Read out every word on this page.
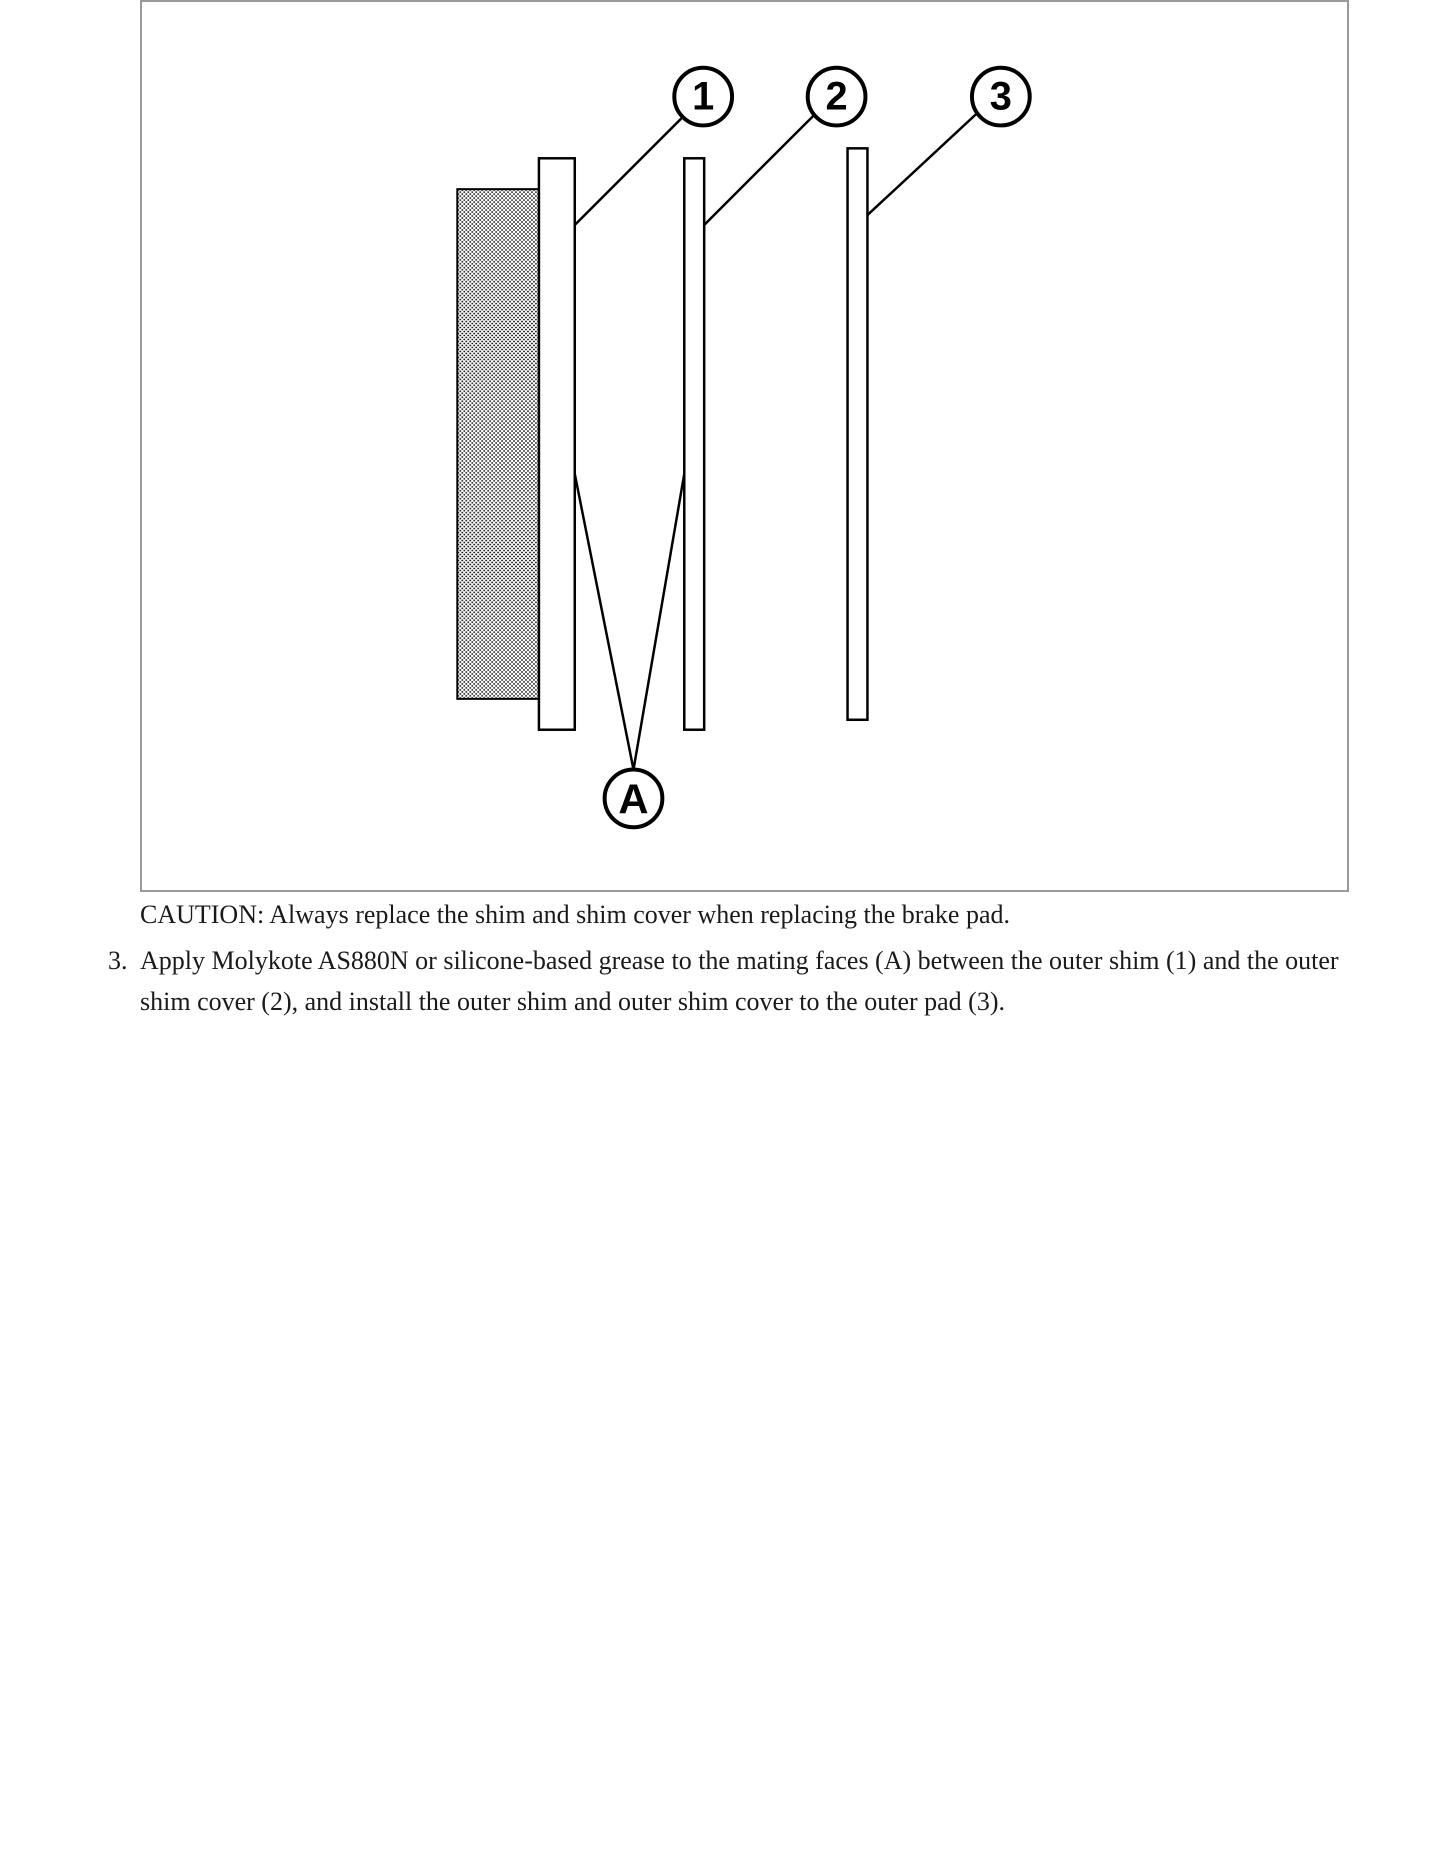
1	2	3
A
CAUTION: Always replace the shim and shim cover when replacing the brake pad.
3. Apply Molykote AS880N or silicone-based grease to the mating faces (A) between the outer shim (1) and the outer shim cover (2), and install the outer shim and outer shim cover to the outer pad (3).
